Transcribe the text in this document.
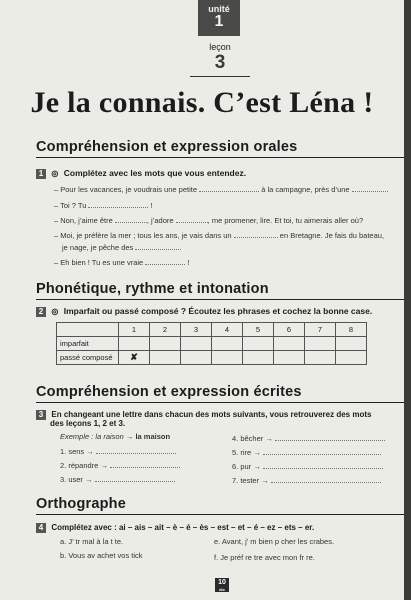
unité
1
leçon
3
Je la connais. C’est Léna !
Compréhension et expression orales
1 ◎ Complétez avec les mots que vous entendez.
– Pour les vacances, je voudrais une petite	à la campagne, près d’une
– Toi ? Tu	!
– Non, j’aime être	, j’adore	, me promener, lire. Et toi, tu aimerais aller où?
– Moi, je préfère la mer ; tous les ans, je vais dans un	en Bretagne. Je fais du bateau,
je nage, je pêche des	.
– Eh bien ! Tu es une vraie	!
Phonétique, rythme et intonation
2 ◎ Imparfait ou passé composé ? Écoutez les phrases et cochez la bonne case.
	1	2	3	4	5	6	7	8
imparfait								
passé composé	✘							
Compréhension et expression écrites
3 En changeant une lettre dans chacun des mots suivants, vous retrouverez des mots
des leçons 1, 2 et 3.
Exemple : la raison → la maison
1. sens →
2. répandre →
3. user →
4. bêcher →
5. rire →
6. pur →
7. tester →
Orthographe
4 Complétez avec : ai – ais – ait – è – é – ès – est – et – é – ez – ets – er.
a. J’ tr mal à la t te.
b. Vous av achet vos tick
e. Avant, j’ m bien p cher les crabes.
f. Je préf re tre avec mon fr re.
10
dix
